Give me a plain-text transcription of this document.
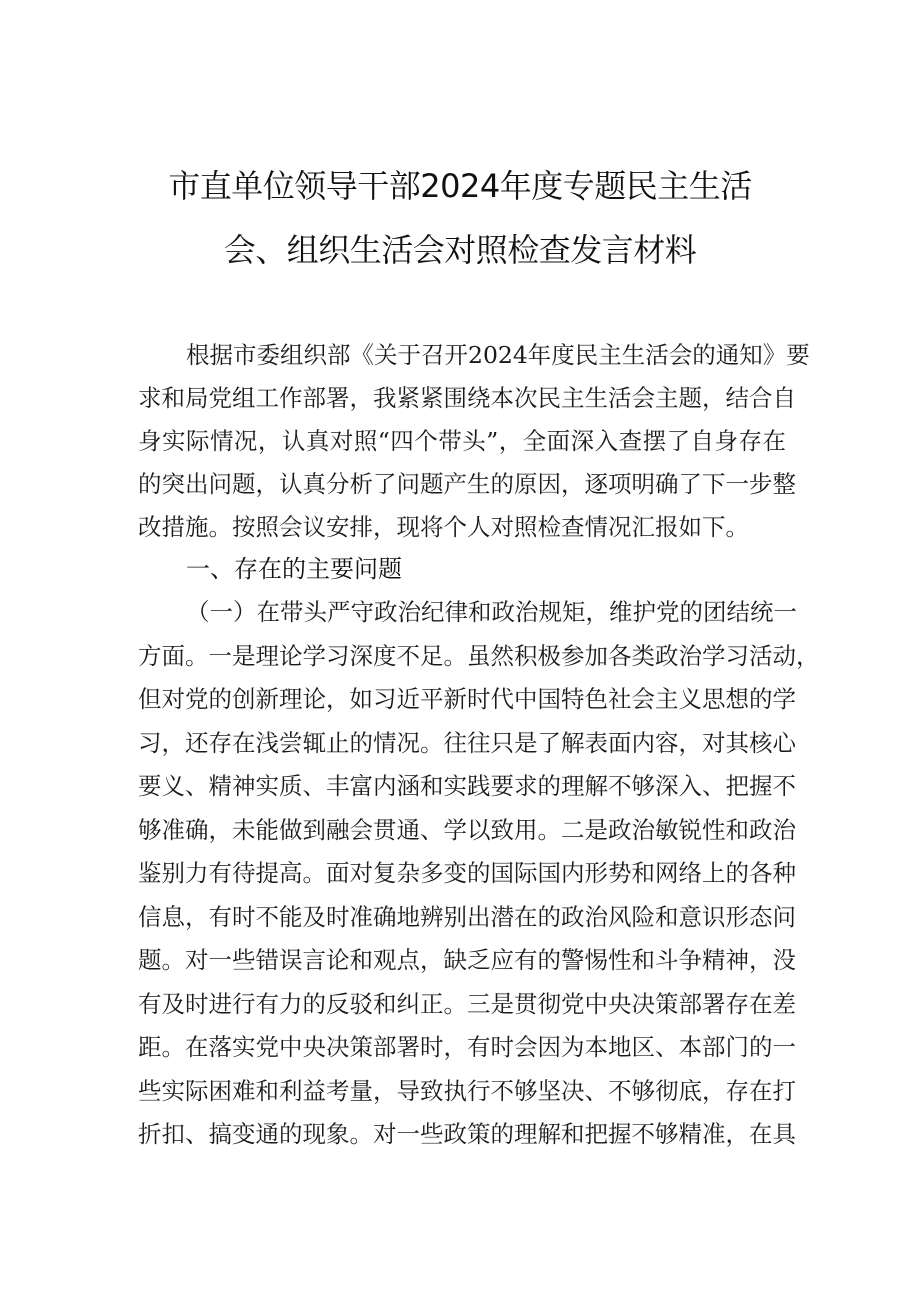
市直单位领导干部2024年度专题民主生活
会、组织生活会对照检查发言材料
根据市委组织部《关于召开2024年度民主生活会的通知》要
求和局党组工作部署，我紧紧围绕本次民主生活会主题，结合自
身实际情况，认真对照“四个带头”，全面深入查摆了自身存在
的突出问题，认真分析了问题产生的原因，逐项明确了下一步整
改措施。按照会议安排，现将个人对照检查情况汇报如下。
一、存在的主要问题
（一）在带头严守政治纪律和政治规矩，维护党的团结统一
方面。一是理论学习深度不足。虽然积极参加各类政治学习活动，
但对党的创新理论，如习近平新时代中国特色社会主义思想的学
习，还存在浅尝辄止的情况。往往只是了解表面内容，对其核心
要义、精神实质、丰富内涵和实践要求的理解不够深入、把握不
够准确，未能做到融会贯通、学以致用。二是政治敏锐性和政治
鉴别力有待提高。面对复杂多变的国际国内形势和网络上的各种
信息，有时不能及时准确地辨别出潜在的政治风险和意识形态问
题。对一些错误言论和观点，缺乏应有的警惕性和斗争精神，没
有及时进行有力的反驳和纠正。三是贯彻党中央决策部署存在差
距。在落实党中央决策部署时，有时会因为本地区、本部门的一
些实际困难和利益考量，导致执行不够坚决、不够彻底，存在打
折扣、搞变通的现象。对一些政策的理解和把握不够精准，在具
